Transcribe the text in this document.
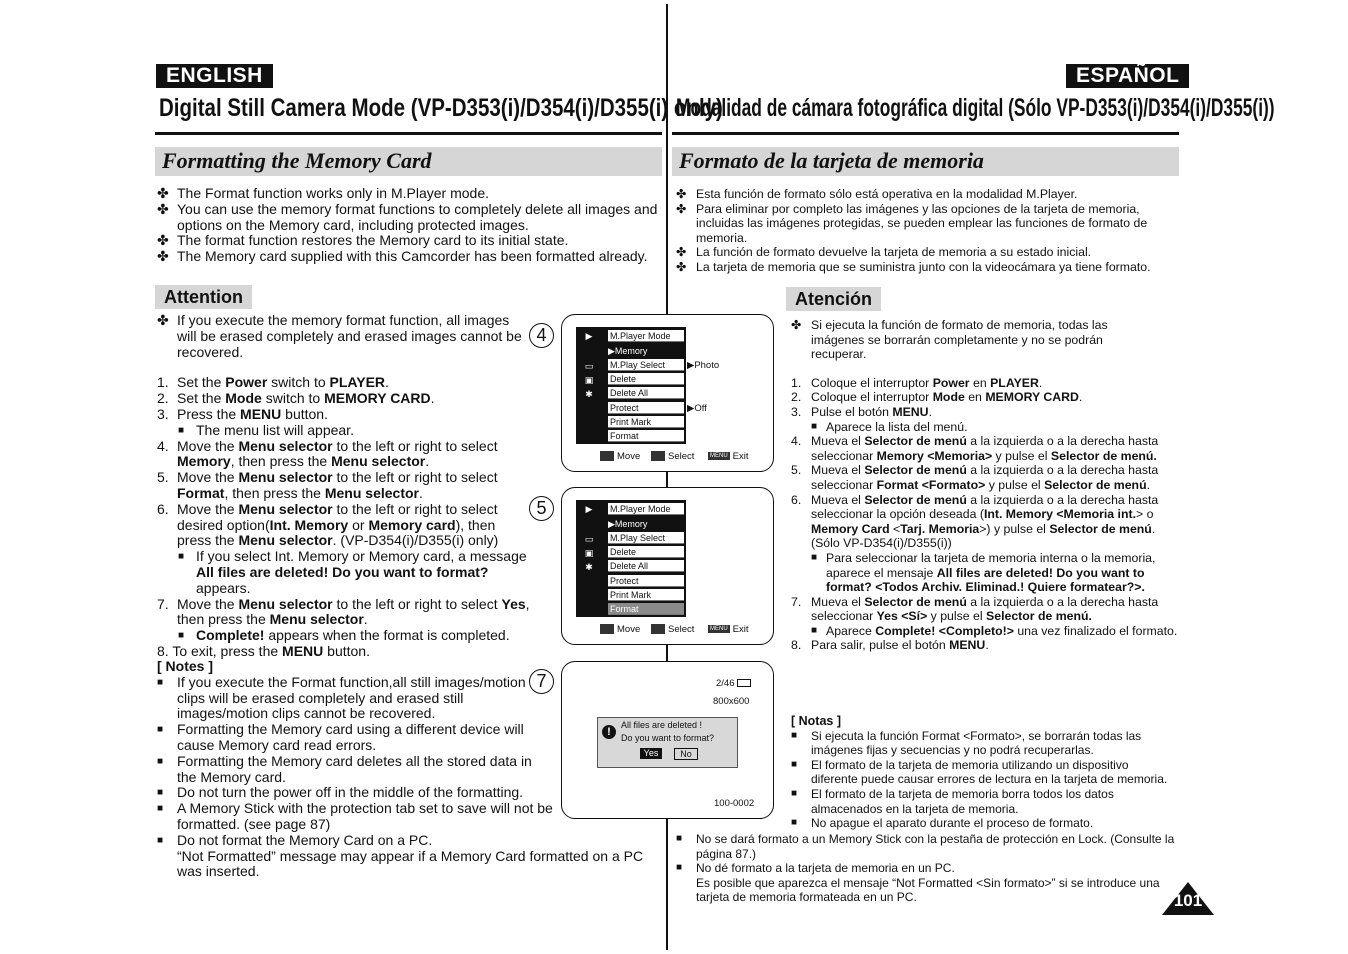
ENGLISH	ESPAÑOL
Digital Still Camera Mode (VP-D353(i)/D354(i)/D355(i) only)
Modalidad de cámara fotográfica digital (Sólo VP-D353(i)/D354(i)/D355(i))
Formatting the Memory Card	Formato de la tarjeta de memoria
✤ The Format function works only in M.Player mode.
✤ You can use the memory format functions to completely delete all images and options on the Memory card, including protected images.
✤ The format function restores the Memory card to its initial state.
✤ The Memory card supplied with this Camcorder has been formatted already.
✤ Esta función de formato sólo está operativa en la modalidad M.Player.
✤ Para eliminar por completo las imágenes y las opciones de la tarjeta de memoria, incluidas las imágenes protegidas, se pueden emplear las funciones de formato de memoria.
✤ La función de formato devuelve la tarjeta de memoria a su estado inicial.
✤ La tarjeta de memoria que se suministra junto con la videocámara ya tiene formato.
Attention	Atención
✤ If you execute the memory format function, all images will be erased completely and erased images cannot be recovered.
1. Set the Power switch to PLAYER.
2. Set the Mode switch to MEMORY CARD.
3. Press the MENU button.
■ The menu list will appear.
4. Move the Menu selector to the left or right to select Memory, then press the Menu selector.
5. Move the Menu selector to the left or right to select Format, then press the Menu selector.
6. Move the Menu selector to the left or right to select desired option(Int. Memory or Memory card), then press the Menu selector. (VP-D354(i)/D355(i) only)
■ If you select Int. Memory or Memory card, a message All files are deleted! Do you want to format? appears.
7. Move the Menu selector to the left or right to select Yes, then press the Menu selector.
■ Complete! appears when the format is completed.
8. To exit, press the MENU button.
[ Notes ]
■ If you execute the Format function,all still images/motion clips will be erased completely and erased still images/motion clips cannot be recovered.
■ Formatting the Memory card using a different device will cause Memory card read errors.
■ Formatting the Memory card deletes all the stored data in the Memory card.
■ Do not turn the power off in the middle of the formatting.
■ A Memory Stick with the protection tab set to save will not be formatted. (see page 87)
■ Do not format the Memory Card on a PC.
“Not Formatted” message may appear if a Memory Card formatted on a PC was inserted.
4
5
7
▶	M.Player Mode
▶Memory
▭	M.Play Select
▣	Delete
✱	Delete All
Protect
Print Mark
Format
▶Photo
▶Off
Move	Select	MENU Exit
▶	M.Player Mode
▶Memory
▭	M.Play Select
▣	Delete
✱	Delete All
Protect
Print Mark
Format
Move	Select	MENU Exit
2/46
800x600
!
All files are deleted !
Do you want to format?
Yes	No
100-0002
✤ Si ejecuta la función de formato de memoria, todas las imágenes se borrarán completamente y no se podrán recuperar.
1. Coloque el interruptor Power en PLAYER.
2. Coloque el interruptor Mode en MEMORY CARD.
3. Pulse el botón MENU.
■ Aparece la lista del menú.
4. Mueva el Selector de menú a la izquierda o a la derecha hasta seleccionar Memory <Memoria> y pulse el Selector de menú.
5. Mueva el Selector de menú a la izquierda o a la derecha hasta seleccionar Format <Formato> y pulse el Selector de menú.
6. Mueva el Selector de menú a la izquierda o a la derecha hasta seleccionar la opción deseada (Int. Memory <Memoria int.> o Memory Card <Tarj. Memoria>) y pulse el Selector de menú. (Sólo VP-D354(i)/D355(i))
■ Para seleccionar la tarjeta de memoria interna o la memoria, aparece el mensaje All files are deleted! Do you want to format? <Todos Archiv. Eliminad.! Quiere formatear?>.
7. Mueva el Selector de menú a la izquierda o a la derecha hasta seleccionar Yes <Sí> y pulse el Selector de menú.
■ Aparece Complete! <Completo!> una vez finalizado el formato.
8. Para salir, pulse el botón MENU.
[ Notas ]
■ Si ejecuta la función Format <Formato>, se borrarán todas las imágenes fijas y secuencias y no podrá recuperarlas.
■ El formato de la tarjeta de memoria utilizando un dispositivo diferente puede causar errores de lectura en la tarjeta de memoria.
■ El formato de la tarjeta de memoria borra todos los datos almacenados en la tarjeta de memoria.
■ No apague el aparato durante el proceso de formato.
■ No se dará formato a un Memory Stick con la pestaña de protección en Lock. (Consulte la página 87.)
■ No dé formato a la tarjeta de memoria en un PC.
Es posible que aparezca el mensaje “Not Formatted <Sin formato>” si se introduce una tarjeta de memoria formateada en un PC.	101
